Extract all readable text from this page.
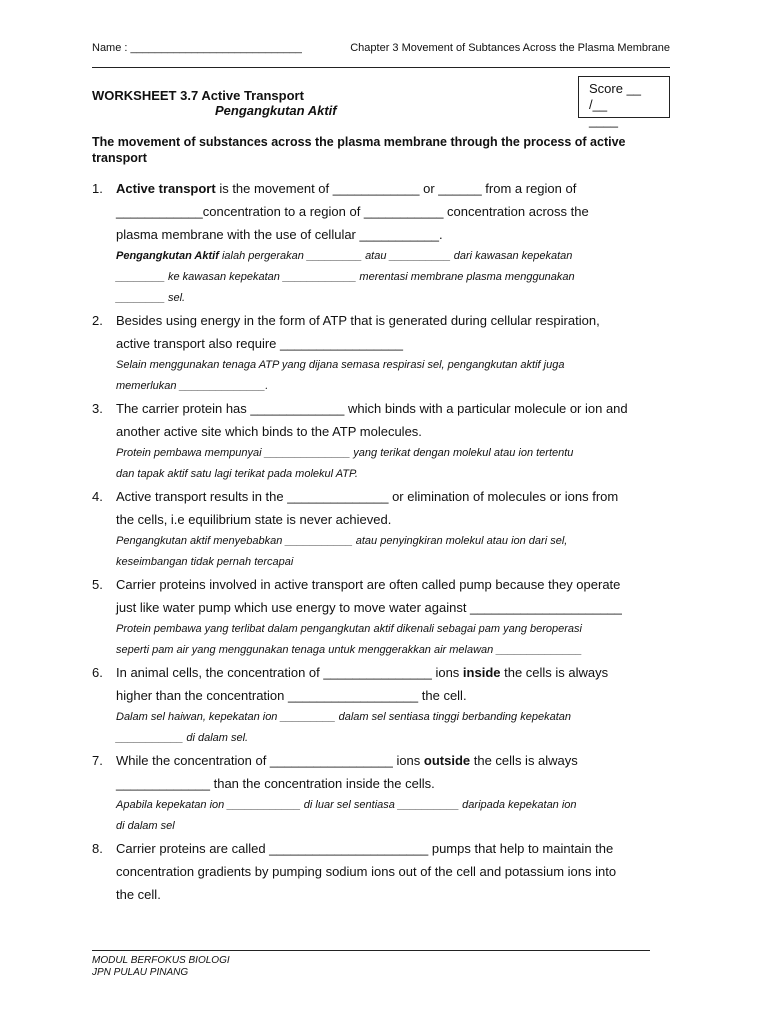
Name : ____________________________	Chapter 3 Movement of Subtances Across the Plasma Membrane
WORKSHEET 3.7 Active Transport
Pengangkutan Aktif
Score __ /__
____
The movement of substances across the plasma membrane through the process of active transport
1. Active transport is the movement of ____________ or ______ from a region of
____________concentration to a region of ___________ concentration across the
plasma membrane with the use of cellular ___________.
Pengangkutan Aktif ialah pergerakan _________ atau __________ dari kawasan kepekatan
________ ke kawasan kepekatan ____________ merentasi membrane plasma menggunakan
________ sel.
2. Besides using energy in the form of ATP that is generated during cellular respiration,
active transport also require _________________
Selain menggunakan tenaga ATP yang dijana semasa respirasi sel, pengangkutan aktif juga
memerlukan ______________.
3. The carrier protein has _____________ which binds with a particular molecule or ion and
another active site which binds to the ATP molecules.
Protein pembawa mempunyai ______________ yang terikat dengan molekul atau ion tertentu
dan tapak aktif satu lagi terikat pada molekul ATP.
4. Active transport results in the ______________ or elimination of molecules or ions from
the cells, i.e equilibrium state is never achieved.
Pengangkutan aktif menyebabkan ___________ atau penyingkiran molekul atau ion dari sel,
keseimbangan tidak pernah tercapai
5. Carrier proteins involved in active transport are often called pump because they operate
just like water pump which use energy to move water against _____________________
Protein pembawa yang terlibat dalam pengangkutan aktif dikenali sebagai pam yang beroperasi
seperti pam air yang menggunakan tenaga untuk menggerakkan air melawan ______________
6. In animal cells, the concentration of _______________ ions inside the cells is always
higher than the concentration __________________ the cell.
Dalam sel haiwan, kepekatan ion _________ dalam sel sentiasa tinggi berbanding kepekatan
___________ di dalam sel.
7. While the concentration of _________________ ions outside the cells is always
_____________ than the concentration inside the cells.
Apabila kepekatan ion ____________ di luar sel sentiasa __________ daripada kepekatan ion
di dalam sel
8. Carrier proteins are called ______________________ pumps that help to maintain the
concentration gradients by pumping sodium ions out of the cell and potassium ions into
the cell.
MODUL BERFOKUS BIOLOGI
JPN PULAU PINANG
